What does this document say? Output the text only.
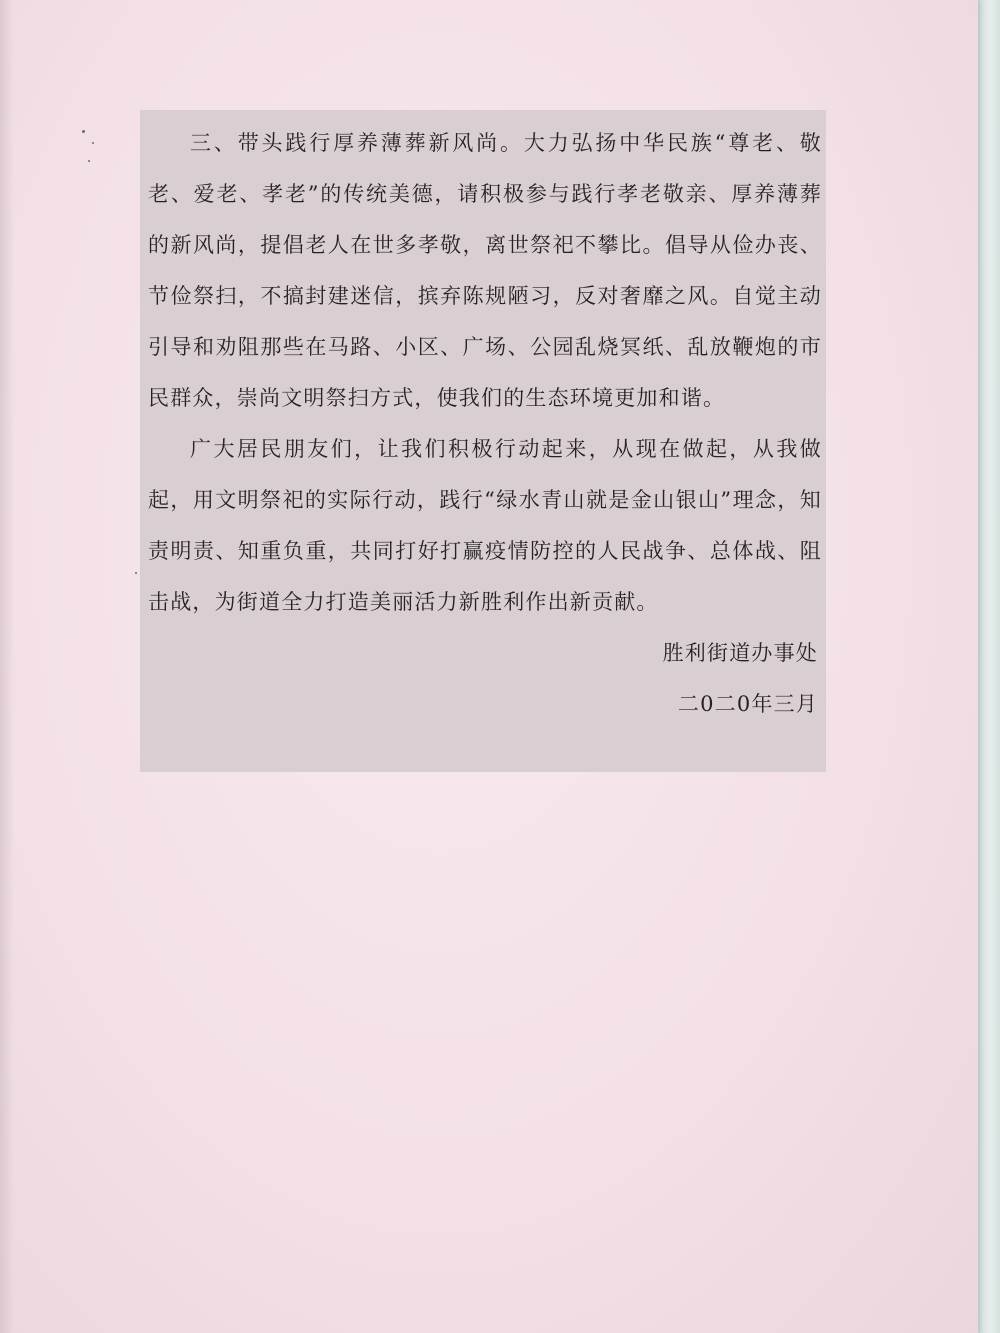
三、带头践行厚养薄葬新风尚。大力弘扬中华民族“尊老、敬老、爱老、孝老”的传统美德，请积极参与践行孝老敬亲、厚养薄葬的新风尚，提倡老人在世多孝敬，离世祭祀不攀比。倡导从俭办丧、节俭祭扫，不搞封建迷信，摈弃陈规陋习，反对奢靡之风。自觉主动引导和劝阻那些在马路、小区、广场、公园乱烧冥纸、乱放鞭炮的市民群众，崇尚文明祭扫方式，使我们的生态环境更加和谐。

广大居民朋友们，让我们积极行动起来，从现在做起，从我做起，用文明祭祀的实际行动，践行“绿水青山就是金山银山”理念，知责明责、知重负重，共同打好打赢疫情防控的人民战争、总体战、阻击战，为街道全力打造美丽活力新胜利作出新贡献。

胜利街道办事处

二0二0年三月
